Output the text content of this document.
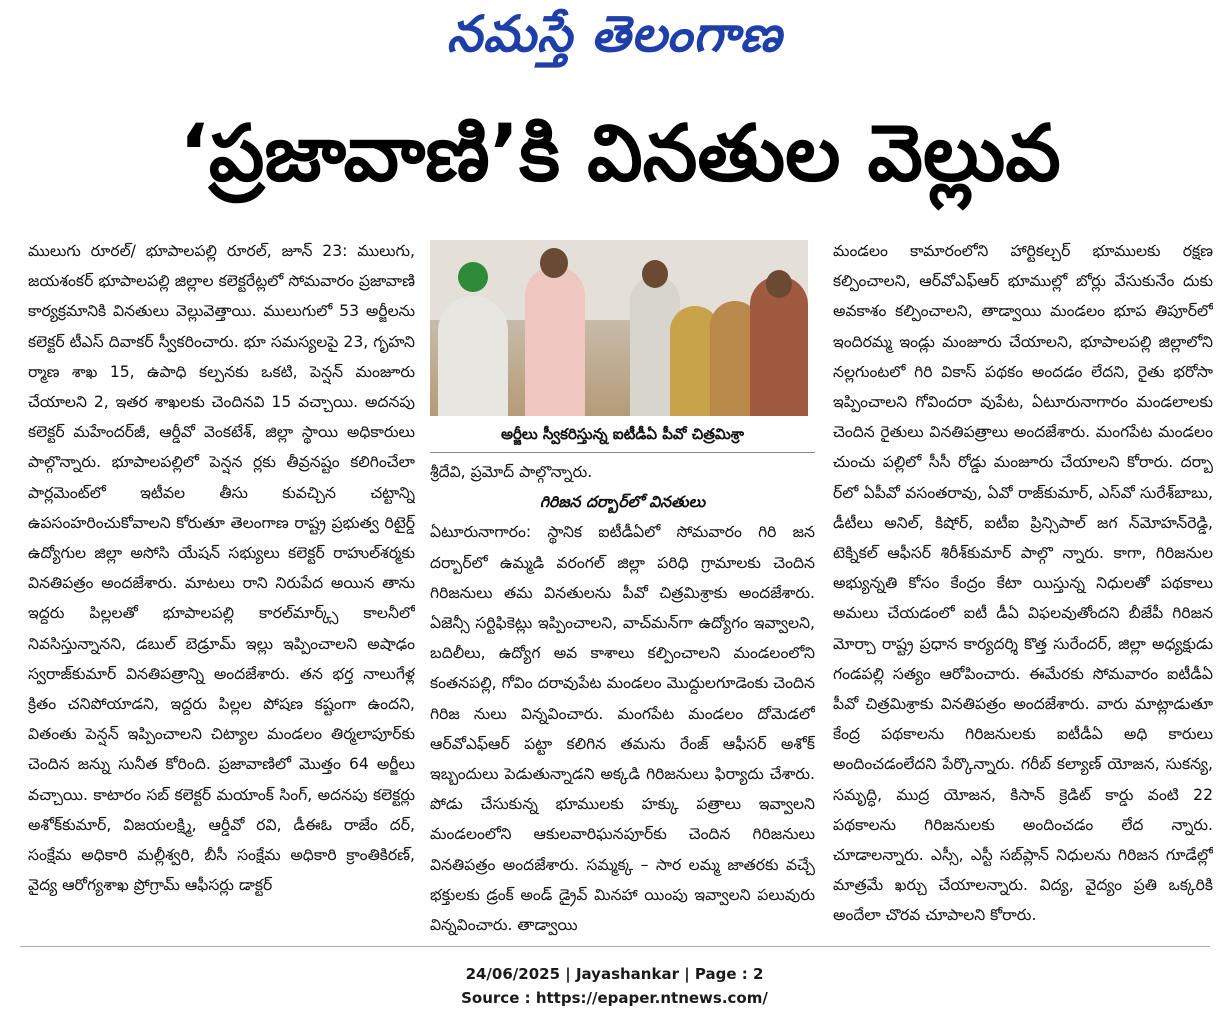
నమస్తే తెలంగాణ
‘ప్రజావాణి’కి వినతుల వెల్లువ

ములుగు రూరల్/ భూపాలపల్లి రూరల్, జూన్ 23: ములుగు, జయశంకర్ భూపాలపల్లి జిల్లాల కలెక్టరేట్లలో సోమవారం ప్రజావాణి కార్యక్రమానికి వినతులు వెల్లువెత్తాయి. ములుగులో 53 అర్జీలను కలెక్టర్ టీఎస్ దివాకర్ స్వీకరించారు. భూ సమస్యలపై 23, గృహని ర్మాణ శాఖ 15, ఉపాధి కల్పనకు ఒకటి, పెన్షన్ మంజూరు చేయాలని 2, ఇతర శాఖలకు చెందినవి 15 వచ్చాయి. అదనపు కలెక్టర్ మహేందర్‌జీ, ఆర్డీవో వెంకటేశ్, జిల్లా స్థాయి అధికారులు పాల్గొన్నారు. భూపాలపల్లిలో పెన్షన ర్లకు తీవ్రనష్టం కలిగించేలా పార్లమెంట్‌లో ఇటీవల తీసు కువచ్చిన చట్టాన్ని ఉపసంహరించుకోవాలని కోరుతూ తెలంగాణ రాష్ట్ర ప్రభుత్వ రిటైర్డ్ ఉద్యోగుల జిల్లా అసోసి యేషన్ సభ్యులు కలెక్టర్ రాహుల్‌శర్మకు వినతిపత్రం అందజేశారు. మాటలు రాని నిరుపేద అయిన తాను ఇద్దరు పిల్లలతో భూపాలపల్లి కారల్‌మార్క్స్ కాలనీలో నివసిస్తున్నానని, డబుల్ బెడ్రూమ్ ఇల్లు ఇప్పించాలని అషాఢం స్వరాజ్‌కుమార్ వినతిపత్రాన్ని అందజేశారు. తన భర్త నాలుగేళ్ల క్రితం చనిపోయాడని, ఇద్దరు పిల్లల పోషణ కష్టంగా ఉందని, వితంతు పెన్షన్ ఇప్పించాలని చిట్యాల మండలం తిర్మలాపూర్‌కు చెందిన జన్ను సునీత కోరింది. ప్రజావాణిలో మొత్తం 64 అర్జీలు వచ్చాయి. కాటారం సబ్ కలెక్టర్ మయాంక్ సింగ్, అదనపు కలెక్టర్లు అశోక్‌కుమార్, విజయలక్ష్మి, ఆర్డీవో రవి, డీఈఓ రాజేం దర్, సంక్షేమ అధికారి మల్లీశ్వరి, బీసీ సంక్షేమ అధికారి క్రాంతికిరణ్, వైద్య ఆరోగ్యశాఖ ప్రోగ్రామ్ ఆఫీసర్లు డాక్టర్

అర్జీలు స్వీకరిస్తున్న ఐటీడీఏ పీవో చిత్రమిశ్రా

శ్రీదేవి, ప్రమోద్ పాల్గొన్నారు.

గిరిజన దర్బార్‌లో వినతులు

ఏటూరునాగారం: స్థానిక ఐటీడీఏలో సోమవారం గిరి జన దర్బార్‌లో ఉమ్మడి వరంగల్ జిల్లా పరిధి గ్రామాలకు చెందిన గిరిజనులు తమ వినతులను పీవో చిత్రమిశ్రాకు అందజేశారు. ఏజెన్సీ సర్టిఫికెట్లు ఇప్పించాలని, వాచ్‌మన్‌గా ఉద్యోగం ఇవ్వాలని, బదిలీలు, ఉద్యోగ అవ కాశాలు కల్పించాలని మండలంలోని కంతనపల్లి, గోవిం దరావుపేట మండలం మొద్దులగూడెంకు చెందిన గిరిజ నులు విన్నవించారు. మంగపేట మండలం దోమెడలో ఆర్‌వోఎఫ్‌ఆర్ పట్టా కలిగిన తమను రేంజ్ ఆఫీసర్ అశోక్ ఇబ్బందులు పెడుతున్నాడని అక్కడి గిరిజనులు ఫిర్యాదు చేశారు. పోడు చేసుకున్న భూములకు హక్కు పత్రాలు ఇవ్వాలని మండలంలోని ఆకులవారిఘనపూర్‌కు చెందిన గిరిజనులు వినతిపత్రం అందజేశారు. సమ్మక్క – సార లమ్మ జాతరకు వచ్చే భక్తులకు డ్రంక్ అండ్ డ్రైవ్ మినహా యింపు ఇవ్వాలని పలువురు విన్నవించారు. తాడ్వాయి

మండలం కామారంలోని హార్టికల్చర్ భూములకు రక్షణ కల్పించాలని, ఆర్‌వోఎఫ్‌ఆర్ భూముల్లో బోర్లు వేసుకునేం దుకు అవకాశం కల్పించాలని, తాడ్వాయి మండలం భూప తిపూర్‌లో ఇందిరమ్మ ఇండ్లు మంజూరు చేయాలని, భూపాలపల్లి జిల్లాలోని నల్లగుంటలో గిరి వికాస్ పథకం అందడం లేదని, రైతు భరోసా ఇప్పించాలని గోవిందరా వుపేట, ఏటూరునాగారం మండలాలకు చెందిన రైతులు వినతిపత్రాలు అందజేశారు. మంగపేట మండలం చుంచు పల్లిలో సీసీ రోడ్డు మంజూరు చేయాలని కోరారు. దర్బా ర్‌లో ఏపీవో వసంతరావు, ఏవో రాజ్‌కుమార్, ఎస్‌వో సురేశ్‌బాబు, డీటీలు అనిల్, కిషోర్, ఐటీఐ ప్రిన్సిపాల్ జగ న్‌మోహన్‌రెడ్డి, టెక్నికల్ ఆఫీసర్ శిరీశ్‌కుమార్ పాల్గొ న్నారు. కాగా, గిరిజనుల అభ్యున్నతి కోసం కేంద్రం కేటా యిస్తున్న నిధులతో పథకాలు అమలు చేయడంలో ఐటీ డీఏ విఫలవుతోందని బీజేపీ గిరిజన మోర్చా రాష్ట్ర ప్రధాన కార్యదర్శి కొత్త సురేందర్, జిల్లా అధ్యక్షుడు గండపల్లి సత్యం ఆరోపించారు. ఈమేరకు సోమవారం ఐటీడీఏ పీవో చిత్రమిశ్రాకు వినతిపత్రం అందజేశారు. వారు మాట్లాడుతూ కేంద్ర పథకాలను గిరిజనులకు ఐటీడీఏ అధి కారులు అందించడంలేదని పేర్కొన్నారు. గరీబ్ కల్యాణ్ యోజన, సుకన్య, సమృద్ధి, ముద్ర యోజన, కిసాన్ క్రెడిట్ కార్డు వంటి 22 పథకాలను గిరిజనులకు అందించడం లేద న్నారు. చూడాలన్నారు. ఎస్సీ, ఎస్టీ సబ్‌ప్లాన్ నిధులను గిరిజన గూడేల్లో మాత్రమే ఖర్చు చేయాలన్నారు. విద్య, వైద్యం ప్రతి ఒక్కరికి అందేలా చొరవ చూపాలని కోరారు.

24/06/2025 | Jayashankar | Page : 2
Source : https://epaper.ntnews.com/
